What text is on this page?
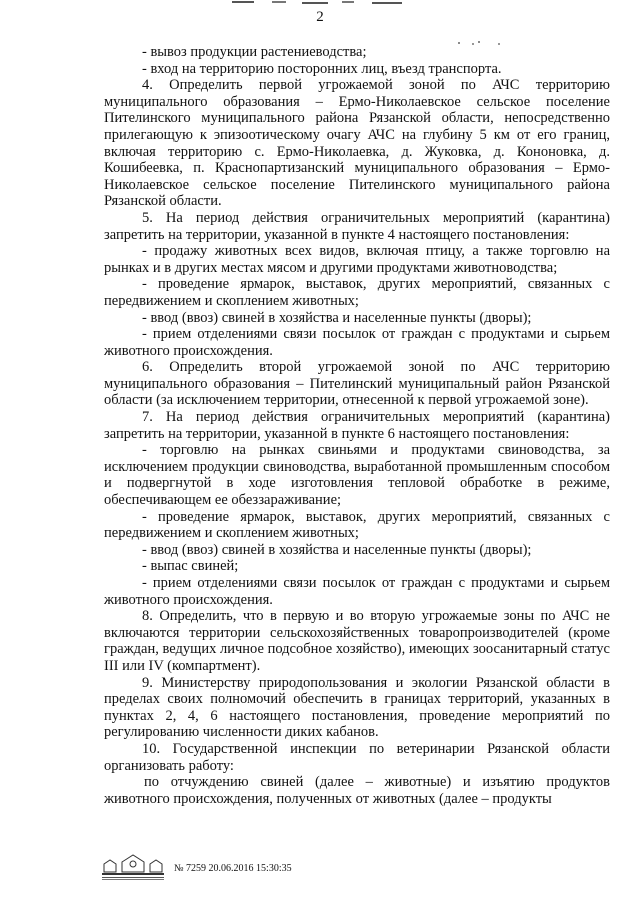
2

- вывоз продукции растениеводства;

- вход на территорию посторонних лиц, въезд транспорта.

4. Определить первой угрожаемой зоной по АЧС территорию муниципального образования – Ермо-Николаевское сельское поселение Пителинского муниципального района Рязанской области, непосредственно прилегающую к эпизоотическому очагу АЧС на глубину 5 км от его границ, включая территорию с. Ермо-Николаевка, д. Жуковка, д. Кононовка, д. Кошибеевка, п. Краснопартизанский муниципального образования – Ермо-Николаевское сельское поселение Пителинского муниципального района Рязанской области.

5. На период действия ограничительных мероприятий (карантина) запретить на территории, указанной в пункте 4 настоящего постановления:

- продажу животных всех видов, включая птицу, а также торговлю на рынках и в других местах мясом и другими продуктами животноводства;

- проведение ярмарок, выставок, других мероприятий, связанных с передвижением и скоплением животных;

- ввод (ввоз) свиней в хозяйства и населенные пункты (дворы);

- прием отделениями связи посылок от граждан с продуктами и сырьем животного происхождения.

6. Определить второй угрожаемой зоной по АЧС территорию муниципального образования – Пителинский муниципальный район Рязанской области (за исключением территории, отнесенной к первой угрожаемой зоне).

7. На период действия ограничительных мероприятий (карантина) запретить на территории, указанной в пункте 6 настоящего постановления:

- торговлю на рынках свиньями и продуктами свиноводства, за исключением продукции свиноводства, выработанной промышленным способом и подвергнутой в ходе изготовления тепловой обработке в режиме, обеспечивающем ее обеззараживание;

- проведение ярмарок, выставок, других мероприятий, связанных с передвижением и скоплением животных;

- ввод (ввоз) свиней в хозяйства и населенные пункты (дворы);

- выпас свиней;

- прием отделениями связи посылок от граждан с продуктами и сырьем животного происхождения.

8. Определить, что в первую и во вторую угрожаемые зоны по АЧС не включаются территории сельскохозяйственных товаропроизводителей (кроме граждан, ведущих личное подсобное хозяйство), имеющих зоосанитарный статус III или IV (компартмент).

9. Министерству природопользования и экологии Рязанской области в пределах своих полномочий обеспечить в границах территорий, указанных в пунктах 2, 4, 6 настоящего постановления, проведение мероприятий по регулированию численности диких кабанов.

10. Государственной инспекции по ветеринарии Рязанской области организовать работу:

по отчуждению свиней (далее – животные) и изъятию продуктов животного происхождения, полученных от животных (далее – продукты

№ 7259 20.06.2016 15:30:35
